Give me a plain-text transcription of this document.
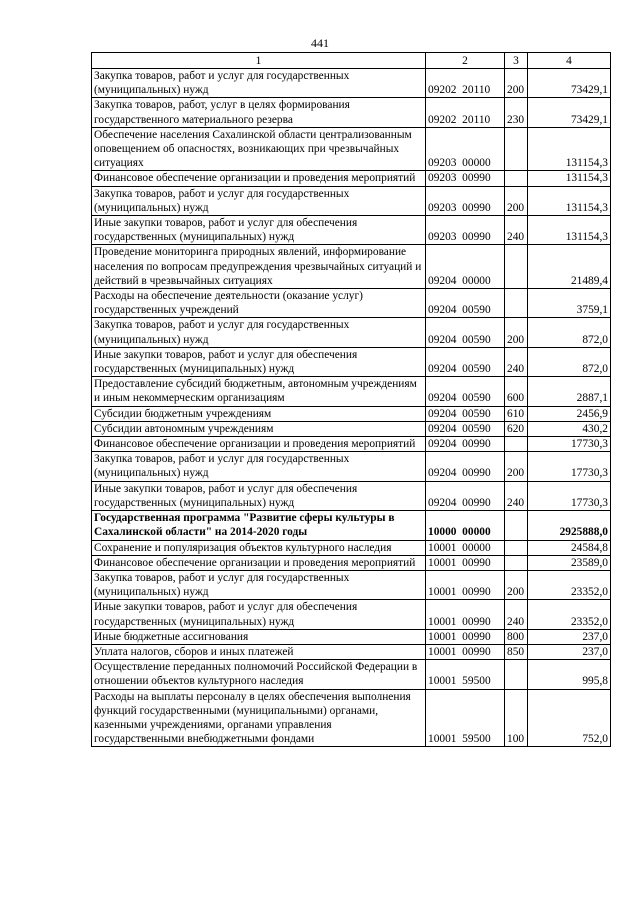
441
1	2	3	4
Закупка товаров, работ и услуг для государственных (муниципальных) нужд	09202  20110	200	73429,1
Закупка товаров, работ, услуг в целях формирования государственного материального резерва	09202  20110	230	73429,1
Обеспечение населения Сахалинской области централизованным оповещением об опасностях, возникающих при чрезвычайных ситуациях	09203  00000		131154,3
Финансовое обеспечение организации и проведения мероприятий	09203  00990		131154,3
Закупка товаров, работ и услуг для государственных (муниципальных) нужд	09203  00990	200	131154,3
Иные закупки товаров, работ и услуг для обеспечения государственных (муниципальных) нужд	09203  00990	240	131154,3
Проведение мониторинга природных явлений, информирование населения по вопросам предупреждения чрезвычайных ситуаций и действий в чрезвычайных ситуациях	09204  00000		21489,4
Расходы на обеспечение деятельности (оказание услуг) государственных учреждений	09204  00590		3759,1
Закупка товаров, работ и услуг для государственных (муниципальных) нужд	09204  00590	200	872,0
Иные закупки товаров, работ и услуг для обеспечения государственных (муниципальных) нужд	09204  00590	240	872,0
Предоставление субсидий бюджетным, автономным учреждениям и иным некоммерческим организациям	09204  00590	600	2887,1
Субсидии бюджетным учреждениям	09204  00590	610	2456,9
Субсидии автономным учреждениям	09204  00590	620	430,2
Финансовое обеспечение организации и проведения мероприятий	09204  00990		17730,3
Закупка товаров, работ и услуг для государственных (муниципальных) нужд	09204  00990	200	17730,3
Иные закупки товаров, работ и услуг для обеспечения государственных (муниципальных) нужд	09204  00990	240	17730,3
Государственная программа "Развитие сферы культуры в Сахалинской области" на 2014-2020 годы	10000  00000		2925888,0
Сохранение и популяризация объектов культурного наследия	10001  00000		24584,8
Финансовое обеспечение организации и проведения мероприятий	10001  00990		23589,0
Закупка товаров, работ и услуг для государственных (муниципальных) нужд	10001  00990	200	23352,0
Иные закупки товаров, работ и услуг для обеспечения государственных (муниципальных) нужд	10001  00990	240	23352,0
Иные бюджетные ассигнования	10001  00990	800	237,0
Уплата налогов, сборов и иных платежей	10001  00990	850	237,0
Осуществление переданных полномочий Российской Федерации в отношении объектов культурного наследия	10001  59500		995,8
Расходы на выплаты персоналу в целях обеспечения выполнения функций государственными (муниципальными) органами, казенными учреждениями, органами управления государственными внебюджетными фондами	10001  59500	100	752,0
